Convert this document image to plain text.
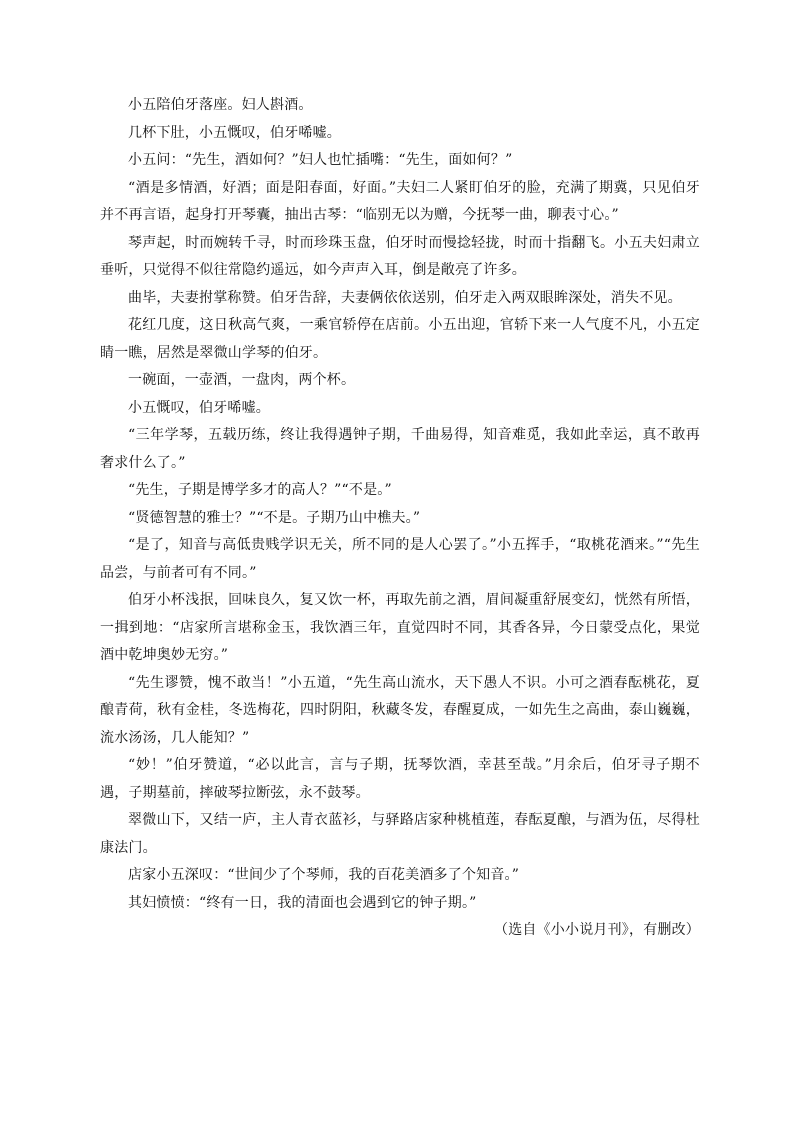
小五陪伯牙落座。妇人斟酒。

几杯下肚，小五慨叹，伯牙唏嘘。

小五问：“先生，酒如何？”妇人也忙插嘴：“先生，面如何？”

“酒是多情酒，好酒；面是阳春面，好面。”夫妇二人紧盯伯牙的脸，充满了期冀，只见伯牙并不再言语，起身打开琴囊，抽出古琴：“临别无以为赠，今抚琴一曲，聊表寸心。”

琴声起，时而婉转千寻，时而珍珠玉盘，伯牙时而慢捻轻拢，时而十指翻飞。小五夫妇肃立垂听，只觉得不似往常隐约遥远，如今声声入耳，倒是敞亮了许多。

曲毕，夫妻拊掌称赞。伯牙告辞，夫妻俩依依送别，伯牙走入两双眼眸深处，消失不见。

花红几度，这日秋高气爽，一乘官轿停在店前。小五出迎，官轿下来一人气度不凡，小五定睛一瞧，居然是翠微山学琴的伯牙。

一碗面，一壶酒，一盘肉，两个杯。

小五慨叹，伯牙唏嘘。

“三年学琴，五载历练，终让我得遇钟子期，千曲易得，知音难觅，我如此幸运，真不敢再奢求什么了。”

“先生，子期是博学多才的高人？”“不是。”

“贤德智慧的雅士？”“不是。子期乃山中樵夫。”

“是了，知音与高低贵贱学识无关，所不同的是人心罢了。”小五挥手，“取桃花酒来。”“先生品尝，与前者可有不同。”

伯牙小杯浅抿，回味良久，复又饮一杯，再取先前之酒，眉间凝重舒展变幻，恍然有所悟，一揖到地：“店家所言堪称金玉，我饮酒三年，直觉四时不同，其香各异，今日蒙受点化，果觉酒中乾坤奥妙无穷。”

“先生谬赞，愧不敢当！”小五道，“先生高山流水，天下愚人不识。小可之酒春酝桃花，夏酿青荷，秋有金桂，冬选梅花，四时阴阳，秋藏冬发，春醒夏成，一如先生之高曲，泰山巍巍，流水汤汤，几人能知？”

“妙！”伯牙赞道，“必以此言，言与子期，抚琴饮酒，幸甚至哉。”月余后，伯牙寻子期不遇，子期墓前，摔破琴拉断弦，永不鼓琴。

翠微山下，又结一庐，主人青衣蓝衫，与驿路店家种桃植莲，春酝夏酿，与酒为伍，尽得杜康法门。

店家小五深叹：“世间少了个琴师，我的百花美酒多了个知音。”

其妇愤愤：“终有一日，我的清面也会遇到它的钟子期。”

（选自《小小说月刊》，有删改）
